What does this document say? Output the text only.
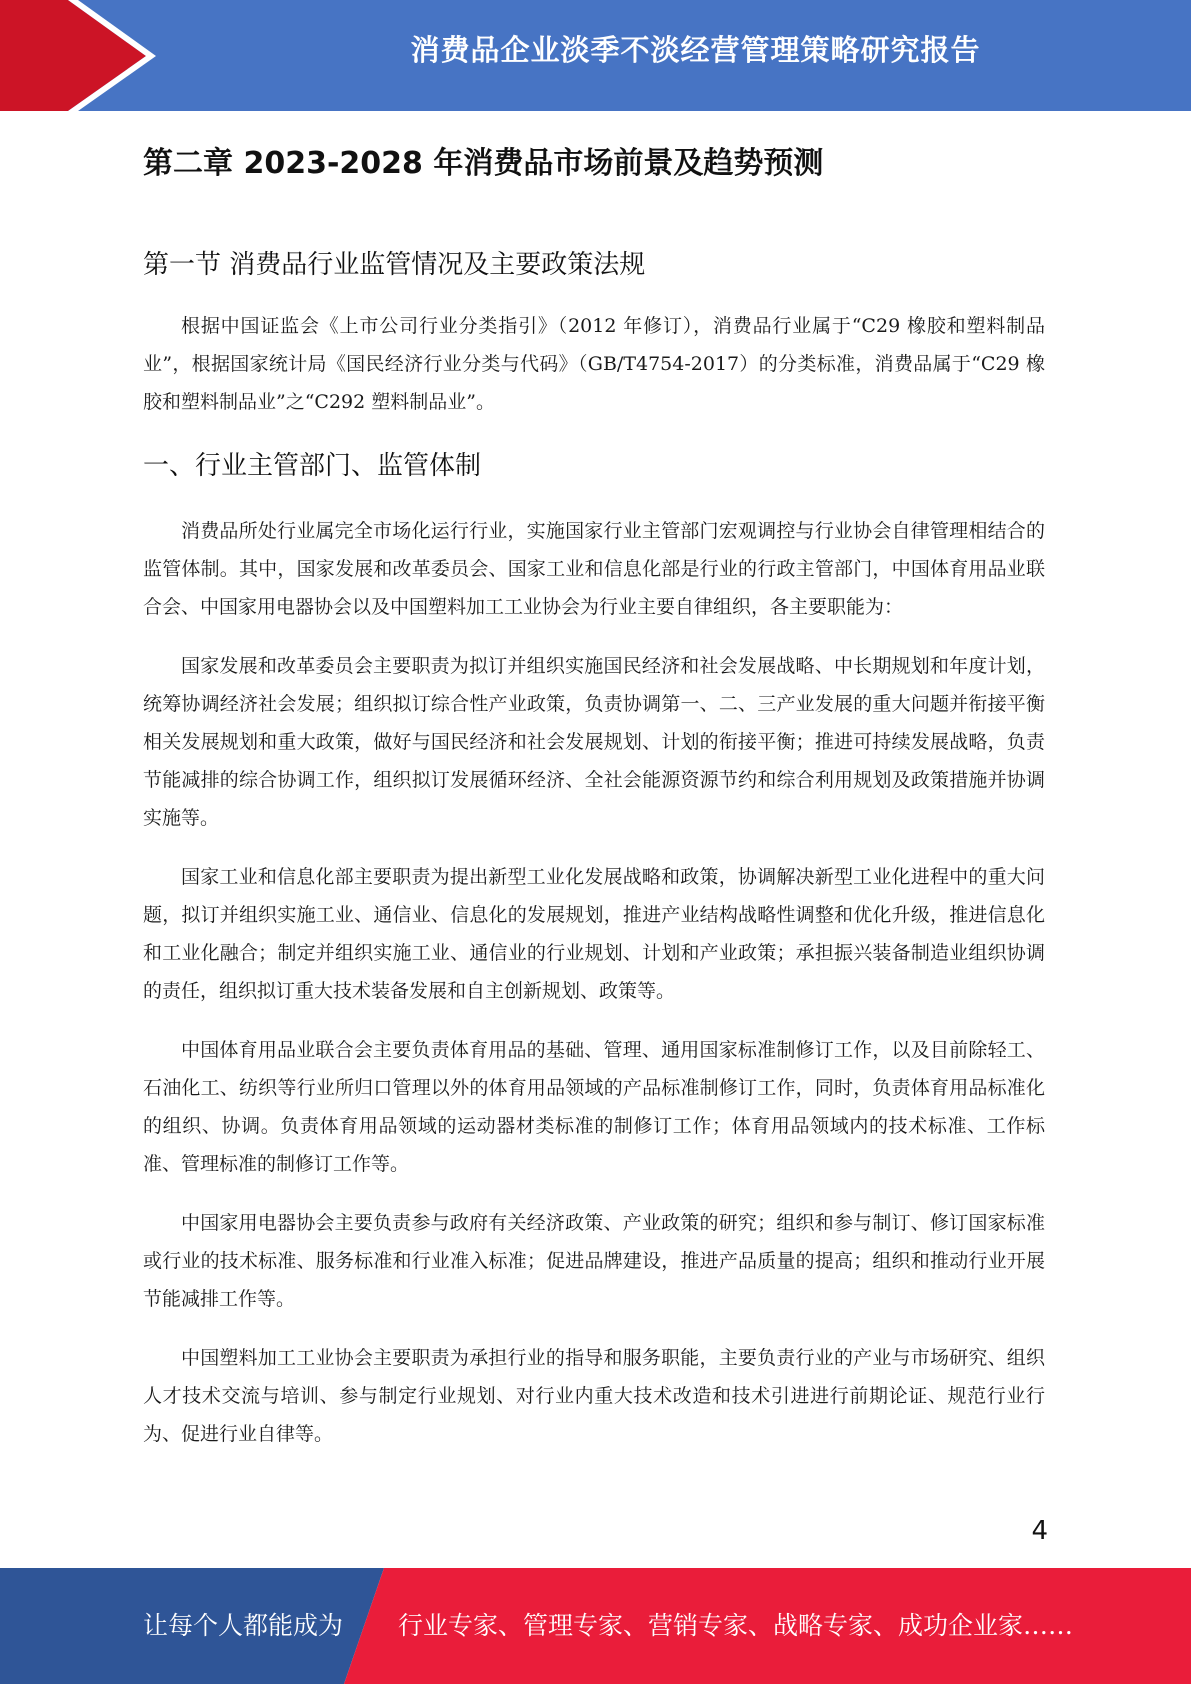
消费品企业淡季不淡经营管理策略研究报告
第二章 2023-2028 年消费品市场前景及趋势预测
第一节 消费品行业监管情况及主要政策法规

根据中国证监会《上市公司行业分类指引》（2012 年修订），消费品行业属于“C29 橡胶和塑料制品业”，根据国家统计局《国民经济行业分类与代码》（GB/T4754-2017）的分类标准，消费品属于“C29 橡胶和塑料制品业”之“C292 塑料制品业”。

一、行业主管部门、监管体制

消费品所处行业属完全市场化运行行业，实施国家行业主管部门宏观调控与行业协会自律管理相结合的监管体制。其中，国家发展和改革委员会、国家工业和信息化部是行业的行政主管部门，中国体育用品业联合会、中国家用电器协会以及中国塑料加工工业协会为行业主要自律组织，各主要职能为：

国家发展和改革委员会主要职责为拟订并组织实施国民经济和社会发展战略、中长期规划和年度计划，统筹协调经济社会发展；组织拟订综合性产业政策，负责协调第一、二、三产业发展的重大问题并衔接平衡相关发展规划和重大政策，做好与国民经济和社会发展规划、计划的衔接平衡；推进可持续发展战略，负责节能减排的综合协调工作，组织拟订发展循环经济、全社会能源资源节约和综合利用规划及政策措施并协调实施等。

国家工业和信息化部主要职责为提出新型工业化发展战略和政策，协调解决新型工业化进程中的重大问题，拟订并组织实施工业、通信业、信息化的发展规划，推进产业结构战略性调整和优化升级，推进信息化和工业化融合；制定并组织实施工业、通信业的行业规划、计划和产业政策；承担振兴装备制造业组织协调的责任，组织拟订重大技术装备发展和自主创新规划、政策等。

中国体育用品业联合会主要负责体育用品的基础、管理、通用国家标准制修订工作，以及目前除轻工、石油化工、纺织等行业所归口管理以外的体育用品领域的产品标准制修订工作，同时，负责体育用品标准化的组织、协调。负责体育用品领域的运动器材类标准的制修订工作；体育用品领域内的技术标准、工作标准、管理标准的制修订工作等。

中国家用电器协会主要负责参与政府有关经济政策、产业政策的研究；组织和参与制订、修订国家标准或行业的技术标准、服务标准和行业准入标准；促进品牌建设，推进产品质量的提高；组织和推动行业开展节能减排工作等。

中国塑料加工工业协会主要职责为承担行业的指导和服务职能，主要负责行业的产业与市场研究、组织人才技术交流与培训、参与制定行业规划、对行业内重大技术改造和技术引进进行前期论证、规范行业行为、促进行业自律等。

4
让每个人都能成为 行业专家、管理专家、营销专家、战略专家、成功企业家……
